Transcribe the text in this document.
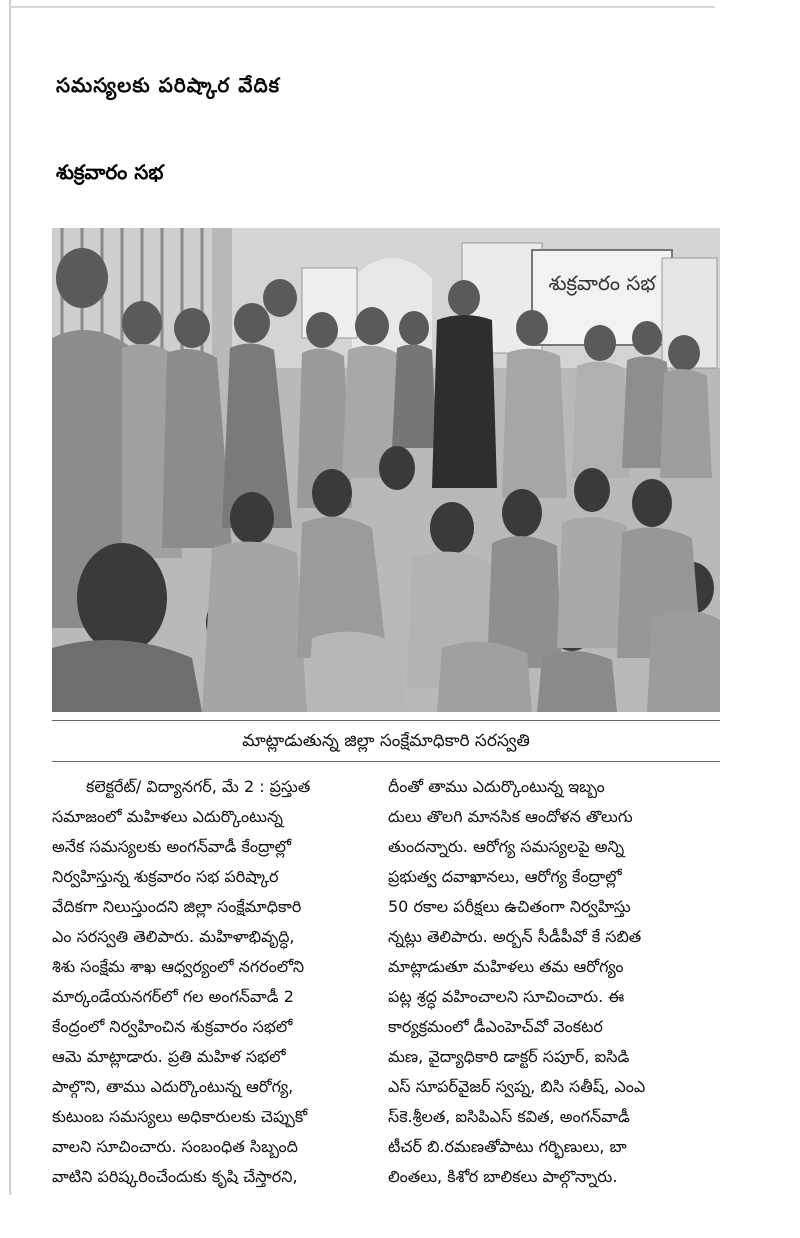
సమస్యలకు పరిష్కార వేదిక
శుక్రవారం సభ
శుక్రవారం సభ
మాట్లాడుతున్న జిల్లా సంక్షేమాధికారి సరస్వతి
కలెక్టరేట్/ విద్యానగర్, మే 2 : ప్రస్తుత
సమాజంలో మహిళలు ఎదుర్కొంటున్న
అనేక సమస్యలకు అంగన్‌వాడీ కేంద్రాల్లో
నిర్వహిస్తున్న శుక్రవారం సభ పరిష్కార
వేదికగా నిలుస్తుందని జిల్లా సంక్షేమాధికారి
ఎం సరస్వతి తెలిపారు. మహిళాభివృద్ధి,
శిశు సంక్షేమ శాఖ ఆధ్వర్యంలో నగరంలోని
మార్కండేయనగర్‌లో గల అంగన్‌వాడీ 2
కేంద్రంలో నిర్వహించిన శుక్రవారం సభలో
ఆమె మాట్లాడారు. ప్రతి మహిళ సభలో
పాల్గొని, తాము ఎదుర్కొంటున్న ఆరోగ్య,
కుటుంబ సమస్యలు అధికారులకు చెప్పుకో
వాలని సూచించారు. సంబంధిత సిబ్బంది
వాటిని పరిష్కరించేందుకు కృషి చేస్తారని,
దీంతో తాము ఎదుర్కొంటున్న ఇబ్బం
దులు తొలగి మానసిక ఆందోళన తొలుగు
తుందన్నారు. ఆరోగ్య సమస్యలపై అన్ని
ప్రభుత్వ దవాఖానలు, ఆరోగ్య కేంద్రాల్లో
50 రకాల పరీక్షలు ఉచితంగా నిర్వహిస్తు
న్నట్లు తెలిపారు. అర్బన్ సీడీపీవో కే సబిత
మాట్లాడుతూ మహిళలు తమ ఆరోగ్యం
పట్ల శ్రద్ధ వహించాలని సూచించారు. ఈ
కార్యక్రమంలో డీఎంహెచ్‌వో వెంకటర
మణ, వైద్యాధికారి డాక్టర్ సపూర్, ఐసిడి
ఎస్ సూపర్‌వైజర్ స్వప్న, బిసి సతీష్, ఎంఎ
స్‌కె.శ్రీలత, ఐసిపిఎస్ కవిత, అంగన్‌వాడీ
టీచర్ బి.రమణతోపాటు గర్భిణులు, బా
లింతలు, కిశోర బాలికలు పాల్గొన్నారు.
